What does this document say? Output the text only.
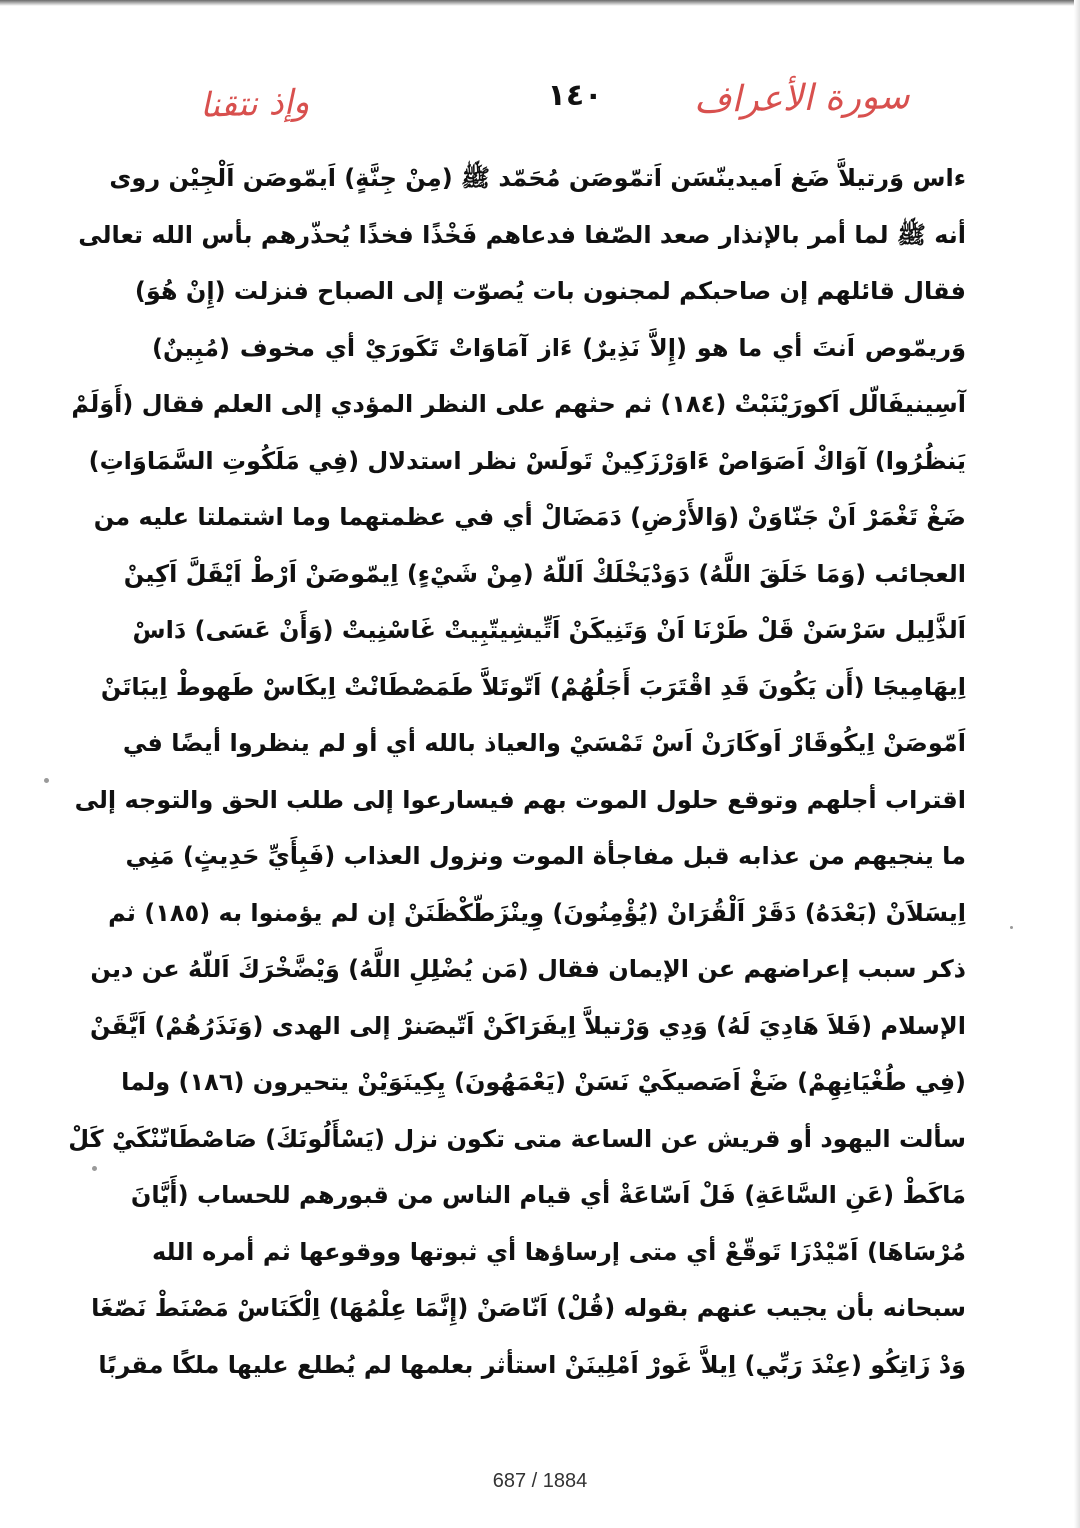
وإذ نتقنا	١٤٠	سورة الأعراف
ءاس وَرتيلاَّ ضَغ اَميدينّسَن اَتمّوصَن مُحَمّد ﷺ (مِنْ جِنَّةٍ) اَيمّوصَن اَلْجِيْن روى
أنه ﷺ لما أمر بالإنذار صعد الصّفا فدعاهم فَخْذًا فخذًا يُحذّرهم بأس الله تعالى
فقال قائلهم إن صاحبكم لمجنون بات يُصوّت إلى الصباح فنزلت (إِنْ هُوَ)
وَريمّوص اَنتَ أي ما هو (إِلاَّ نَذِيرٌ) ءَاز آمَاوَاتْ تَكَورَيْ أي مخوف (مُبِينٌ)
آسِينيفَالّل اَكورَيْنَبْتْ (١٨٤) ثم حثهم على النظر المؤدي إلى العلم فقال (أَوَلَمْ
يَنظُرُوا) آوَاكْ اَصَوَاصْ ءَاوَرْزَكِينْ تَولَسْ نظر استدلال (فِي مَلَكُوتِ السَّمَاوَاتِ)
ضَغْ تَغْمَرْ اَنْ جَنّاوَنْ (وَالأَرْضِ) دَمَضَالْ أي في عظمتهما وما اشتملتا عليه من
العجائب (وَمَا خَلَقَ اللَّهُ) دَوَدْيَخْلَكْ اَللّهُ (مِنْ شَيْءٍ) اِيمّوصَنْ اَرْطْ اَيْقَلَّ اَكِينْ
اَلذَّلِيل سَرْسَنْ قَلْ طَرْنَا اَنْ وَتَنِيكَنْ اَتِّيشِيتّبِيتْ غَاسْنِيتْ (وَأَنْ عَسَى) دَاسْ
اِيهَامِيجَا (أَن يَكُونَ قَدِ اقْتَرَبَ أَجَلُهُمْ) اَتّوتَلاَّ طَمَصْطَانْتْ اِيكَاسْ طَهوطْ اِيبَاتَنْ
اَمّوصَنْ اِيكُوقَارْ اَوكَارَنْ اَسْ تَمْسَيْ والعياذ بالله أي أو لم ينظروا أيضًا في
اقتراب أجلهم وتوقع حلول الموت بهم فيسارعوا إلى طلب الحق والتوجه إلى
ما ينجيهم من عذابه قبل مفاجأة الموت ونزول العذاب (فَبِأَيِّ حَدِيثٍ) مَنِي
اِيسَلاَنْ (بَعْدَهُ) دَقَرْ اَلْقُرَانْ (يُؤْمِنُونَ) وِينْزَطّكْظَنَنْ إن لم يؤمنوا به (١٨٥) ثم
ذكر سبب إعراضهم عن الإيمان فقال (مَن يُضْلِلِ اللَّهُ) وَيْضَّخْرَكَ اَللّهُ عن دين
الإسلام (فَلاَ هَادِيَ لَهُ) وَدِي وَرْتيلاَّ اِيفَرَاكَنْ اَتّيصَنرْ إلى الهدى (وَنَذَرُهُمْ) اَيَّقَنْ
(فِي طُغْيَانِهِمْ) ضَغْ اَصَصيكَيْ نَسَنْ (يَعْمَهُونَ) يِكِينَوَيْنْ يتحيرون (١٨٦) ولما
سألت اليهود أو قريش عن الساعة متى تكون نزل (يَسْأَلُونَكَ) صَاصْطَانّنْكَيْ كَلْ
مَاكَطْ (عَنِ السَّاعَةِ) فَلْ اَسّاعَةْ أي قيام الناس من قبورهم للحساب (أَيَّانَ
مُرْسَاهَا) اَمّيْدْزَا تَوقّعْ أي متى إرساؤها أي ثبوتها ووقوعها ثم أمره الله
سبحانه بأن يجيب عنهم بقوله (قُلْ) اَنّاصَنْ (إِنَّمَا عِلْمُهَا) اِلْكَنَاسْ مَصْنَطْ نَصّغَا
وَدْ زَاتِكُو (عِنْدَ رَبِّي) اِيلاَّ غَورْ اَمْلِينَنْ استأثر بعلمها لم يُطلع عليها ملكًا مقربًا
687 / 1884
